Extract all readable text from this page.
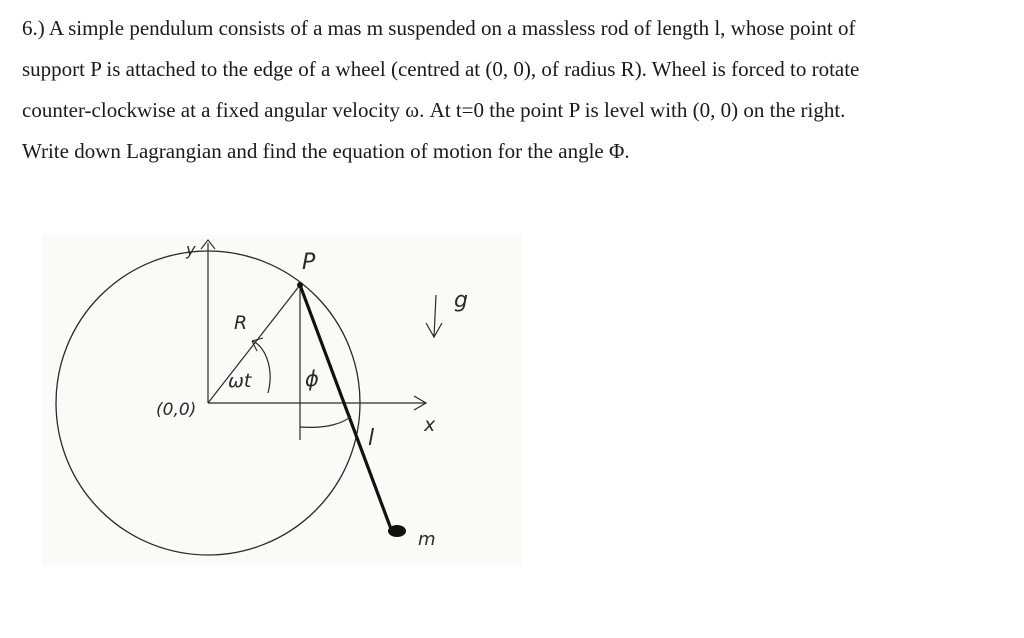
6.) A simple pendulum consists of a mas m suspended on a massless rod of length l, whose point of
support P is attached to the edge of a wheel (centred at (0, 0), of radius R). Wheel is forced to rotate
counter-clockwise at a fixed angular velocity ω. At t=0 the point P is level with (0, 0) on the right.
Write down Lagrangian and find the equation of motion for the angle Φ.
(0,0)
y
x
P
R
ωt	ϕ
l
m
g
